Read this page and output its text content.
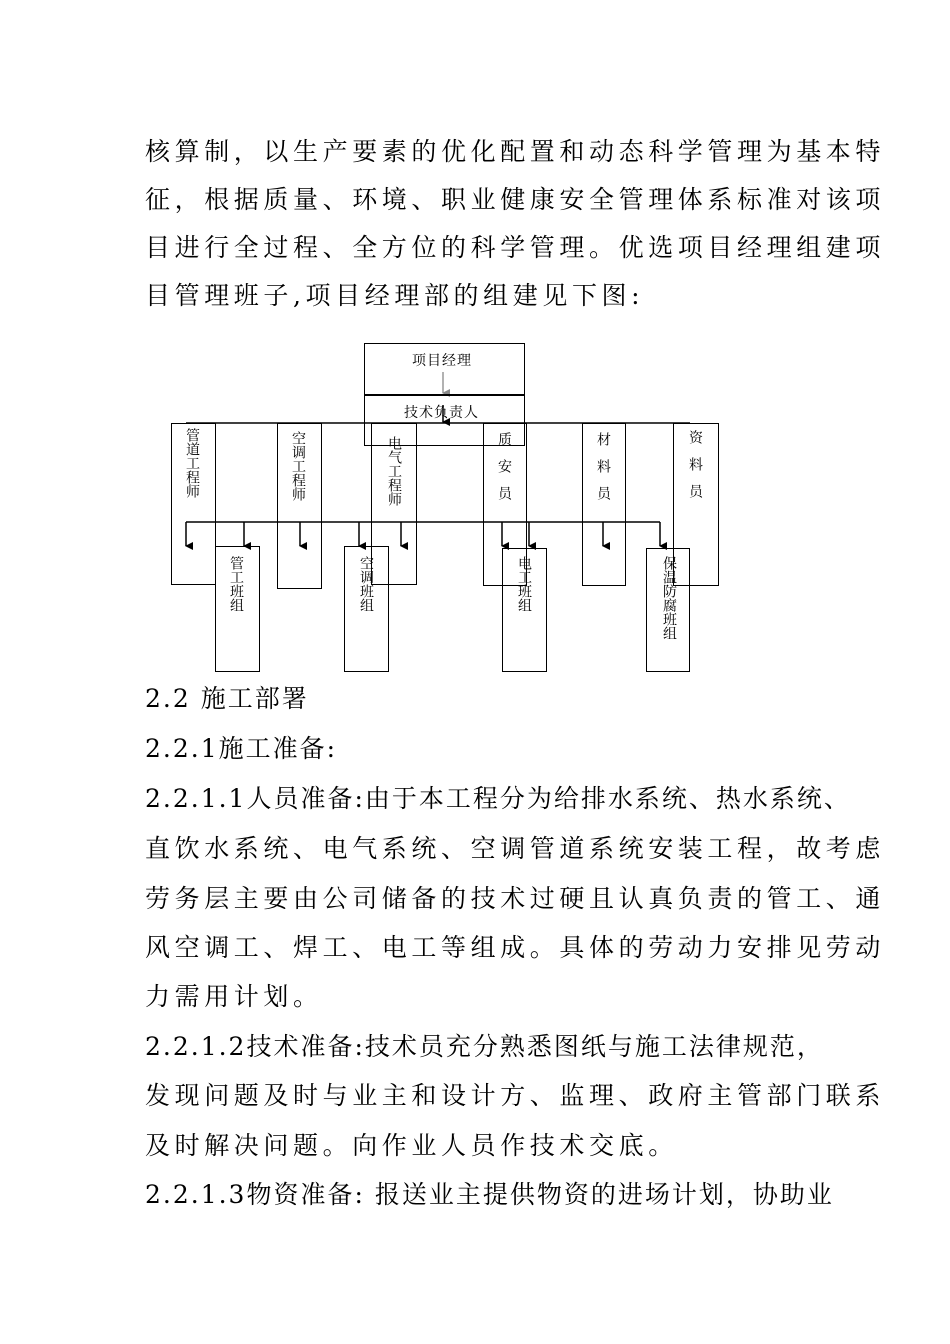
核算制，以生产要素的优化配置和动态科学管理为基本特
征，根据质量、环境、职业健康安全管理体系标准对该项
目进行全过程、全方位的科学管理。优选项目经理组建项
目管理班子,项目经理部的组建见下图:
项目经理
技术负责人
管道工程师	空调工程师	电气工程师	质安员	材料员	资料员
管工班组	空调班组	电工班组	保温防腐班组
2.2 施工部署
2.2.1施工准备:
2.2.1.1人员准备:由于本工程分为给排水系统、热水系统、
直饮水系统、电气系统、空调管道系统安装工程，故考虑
劳务层主要由公司储备的技术过硬且认真负责的管工、通
风空调工、焊工、电工等组成。具体的劳动力安排见劳动
力需用计划。
2.2.1.2技术准备:技术员充分熟悉图纸与施工法律规范，
发现问题及时与业主和设计方、监理、政府主管部门联系
及时解决问题。向作业人员作技术交底。
2.2.1.3物资准备: 报送业主提供物资的进场计划，协助业
